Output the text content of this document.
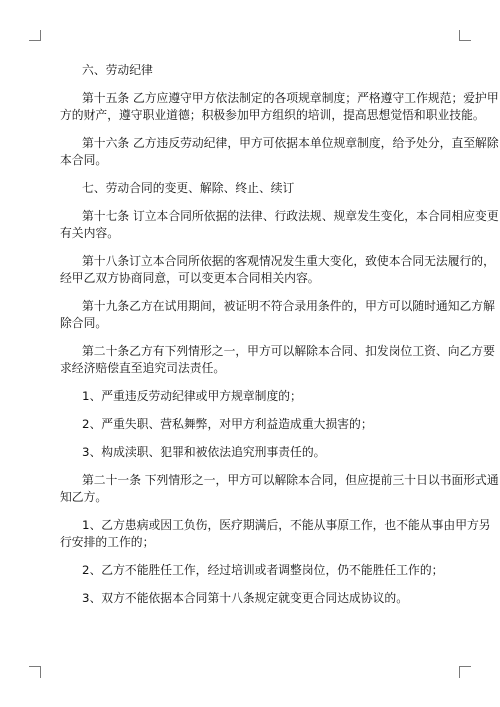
六、劳动纪律

第十五条 乙方应遵守甲方依法制定的各项规章制度；严格遵守工作规范；爱护甲

方的财产，遵守职业道德；积极参加甲方组织的培训，提高思想觉悟和职业技能。

第十六条 乙方违反劳动纪律，甲方可依据本单位规章制度，给予处分，直至解除

本合同。

七、劳动合同的变更、解除、终止、续订

第十七条 订立本合同所依据的法律、行政法规、规章发生变化，本合同相应变更

有关内容。

第十八条订立本合同所依据的客观情况发生重大变化，致使本合同无法履行的，

经甲乙双方协商同意，可以变更本合同相关内容。

第十九条乙方在试用期间，被证明不符合录用条件的，甲方可以随时通知乙方解

除合同。

第二十条乙方有下列情形之一，甲方可以解除本合同、扣发岗位工资、向乙方要

求经济赔偿直至追究司法责任。

1、严重违反劳动纪律或甲方规章制度的；

2、严重失职、营私舞弊，对甲方利益造成重大损害的；

3、构成渎职、犯罪和被依法追究刑事责任的。

第二十一条 下列情形之一，甲方可以解除本合同，但应提前三十日以书面形式通

知乙方。

1、乙方患病或因工负伤，医疗期满后，不能从事原工作，也不能从事由甲方另

行安排的工作的；

2、乙方不能胜任工作，经过培训或者调整岗位，仍不能胜任工作的；

3、双方不能依据本合同第十八条规定就变更合同达成协议的。
